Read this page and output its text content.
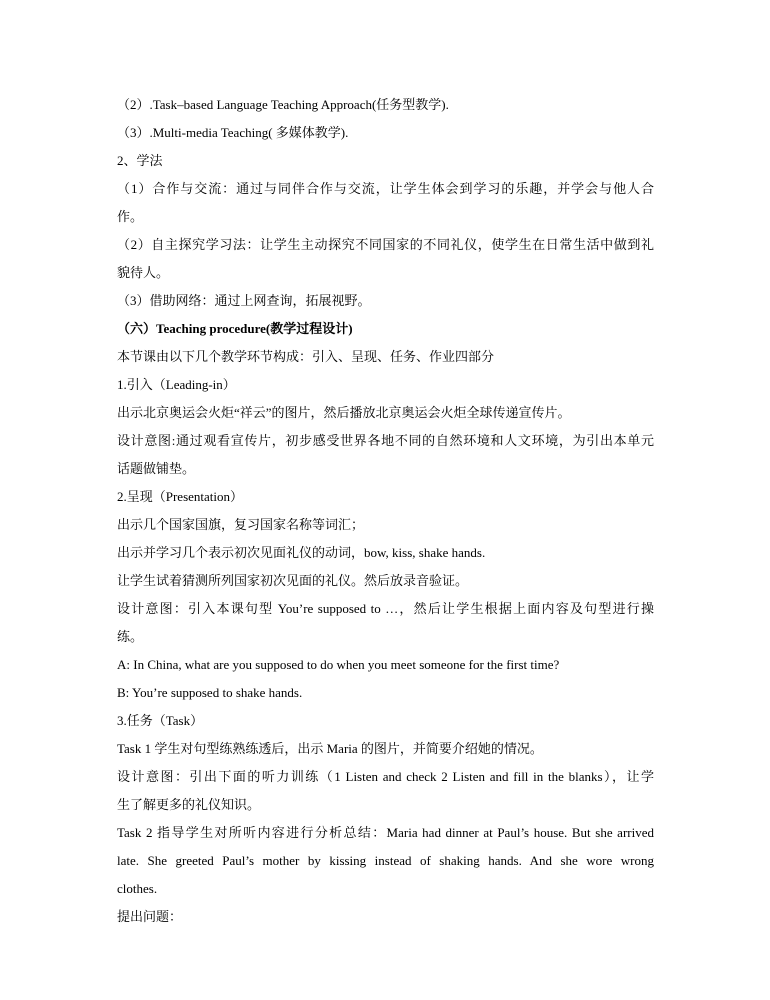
（2）.Task–based Language Teaching Approach(任务型教学).
（3）.Multi-media Teaching( 多媒体教学).
2、学法
（1）合作与交流：通过与同伴合作与交流，让学生体会到学习的乐趣，并学会与他人合
作。
（2）自主探究学习法：让学生主动探究不同国家的不同礼仪，使学生在日常生活中做到礼
貌待人。
（3）借助网络：通过上网查询，拓展视野。
（六）Teaching procedure(教学过程设计)
本节课由以下几个教学环节构成：引入、呈现、任务、作业四部分
1.引入（Leading-in）
出示北京奥运会火炬“祥云”的图片，然后播放北京奥运会火炬全球传递宣传片。
设计意图:通过观看宣传片，初步感受世界各地不同的自然环境和人文环境，为引出本单元
话题做铺垫。
2.呈现（Presentation）
出示几个国家国旗，复习国家名称等词汇；
出示并学习几个表示初次见面礼仪的动词，bow, kiss, shake hands.
让学生试着猜测所列国家初次见面的礼仪。然后放录音验证。
设计意图：引入本课句型 You’re supposed to …，然后让学生根据上面内容及句型进行操
练。
A: In China, what are you supposed to do when you meet someone for the first time?
B: You’re supposed to shake hands.
3.任务（Task）
Task 1 学生对句型练熟练透后，出示 Maria 的图片，并简要介绍她的情况。
设计意图：引出下面的听力训练（1 Listen and check 2 Listen and fill in the blanks），让学
生了解更多的礼仪知识。
Task 2 指导学生对所听内容进行分析总结：Maria had dinner at Paul’s house. But she arrived
late. She greeted Paul’s mother by kissing instead of shaking hands. And she wore wrong
clothes.
提出问题：
